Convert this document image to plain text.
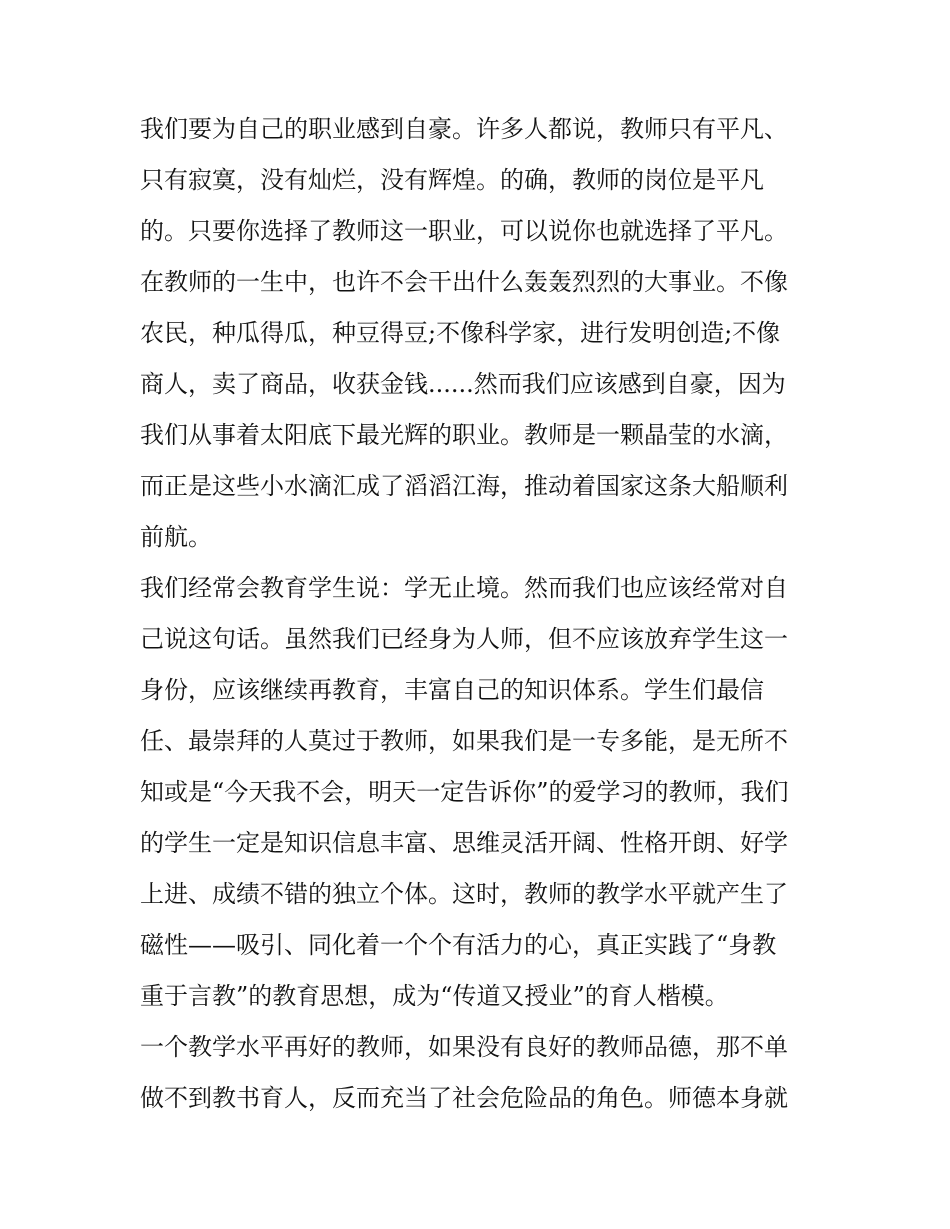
我们要为自己的职业感到自豪。许多人都说，教师只有平凡、
只有寂寞，没有灿烂，没有辉煌。的确，教师的岗位是平凡
的。只要你选择了教师这一职业，可以说你也就选择了平凡。
在教师的一生中，也许不会干出什么轰轰烈烈的大事业。不像
农民，种瓜得瓜，种豆得豆;不像科学家，进行发明创造;不像
商人，卖了商品，收获金钱......然而我们应该感到自豪，因为
我们从事着太阳底下最光辉的职业。教师是一颗晶莹的水滴，
而正是这些小水滴汇成了滔滔江海，推动着国家这条大船顺利
前航。
我们经常会教育学生说：学无止境。然而我们也应该经常对自
己说这句话。虽然我们已经身为人师，但不应该放弃学生这一
身份，应该继续再教育，丰富自己的知识体系。学生们最信
任、最崇拜的人莫过于教师，如果我们是一专多能，是无所不
知或是“今天我不会，明天一定告诉你”的爱学习的教师，我们
的学生一定是知识信息丰富、思维灵活开阔、性格开朗、好学
上进、成绩不错的独立个体。这时，教师的教学水平就产生了
磁性——吸引、同化着一个个有活力的心，真正实践了“身教
重于言教”的教育思想，成为“传道又授业”的育人楷模。
一个教学水平再好的教师，如果没有良好的教师品德，那不单
做不到教书育人，反而充当了社会危险品的角色。师德本身就
